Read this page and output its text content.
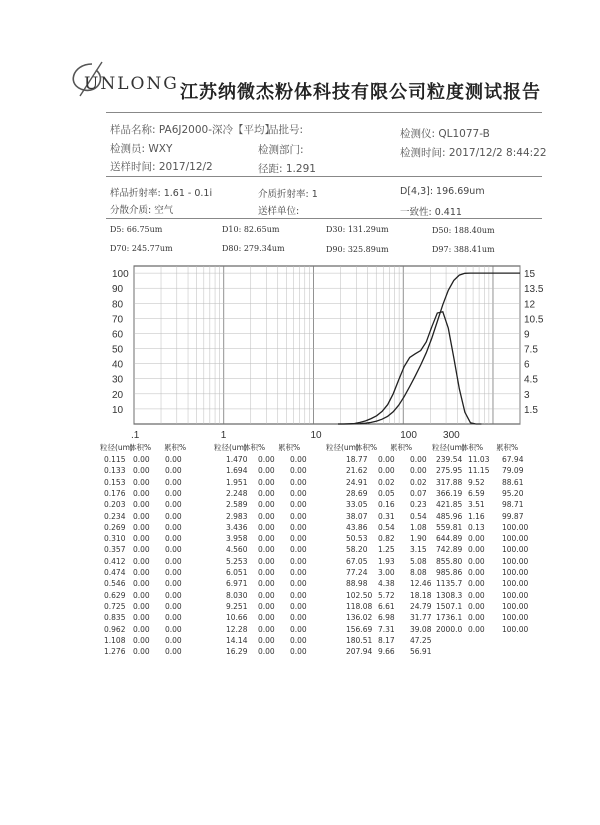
UNLONG 江苏纳微杰粉体科技有限公司粒度测试报告
样品名称: PA6J2000-深冷【平均】
品批号:	检测仪: QL1077-B
检测员: WXY	检测部门:	检测时间: 2017/12/2 8:44:22
送样时间: 2017/12/2	径距: 1.291
样品折射率: 1.61 - 0.1i	介质折射率: 1	D[4,3]: 196.69um
分散介质: 空气	送样单位:	一致性: 0.411
D5: 66.75um	D10: 82.65um	D30: 131.29um	D50: 188.40um
D70: 245.77um	D80: 279.34um	D90: 325.89um	D97: 388.41um
100
90
80
70
60
50
40
30
20
10
15
13.5
12
10.5
9
7.5
6
4.5
3
1.5
.1	1	10	100	300
粒径(um)
体积% 累积%
0.115 0.00 0.00
0.133 0.00 0.00
0.153 0.00 0.00
0.176 0.00 0.00
0.203 0.00 0.00
0.234 0.00 0.00
0.269 0.00 0.00
0.310 0.00 0.00
0.357 0.00 0.00
0.412 0.00 0.00
0.474 0.00 0.00
0.546 0.00 0.00
0.629 0.00 0.00
0.725 0.00 0.00
0.835 0.00 0.00
0.962 0.00 0.00
1.108 0.00 0.00
1.276 0.00 0.00
粒径(um)
体积% 累积%
1.470 0.00 0.00
1.694 0.00 0.00
1.951 0.00 0.00
2.248 0.00 0.00
2.589 0.00 0.00
2.983 0.00 0.00
3.436 0.00 0.00
3.958 0.00 0.00
4.560 0.00 0.00
5.253 0.00 0.00
6.051 0.00 0.00
6.971 0.00 0.00
8.030 0.00 0.00
9.251 0.00 0.00
10.66 0.00 0.00
12.28 0.00 0.00
14.14 0.00 0.00
16.29 0.00 0.00
粒径(um)
体积% 累积%
18.77 0.00 0.00
21.62 0.00 0.00
24.91 0.02 0.02
28.69 0.05 0.07
33.05 0.16 0.23
38.07 0.31 0.54
43.86 0.54 1.08
50.53 0.82 1.90
58.20 1.25 3.15
67.05 1.93 5.08
77.24 3.00 8.08
88.98 4.38 12.46
102.50 5.72 18.18
118.08 6.61 24.79
136.02 6.98 31.77
156.69 7.31 39.08
180.51 8.17 47.25
207.94 9.66 56.91
粒径(um)
体积% 累积%
239.54 11.03 67.94
275.95 11.15 79.09
317.88 9.52 88.61
366.19 6.59 95.20
421.85 3.51 98.71
485.96 1.16 99.87
559.81 0.13 100.00
644.89 0.00 100.00
742.89 0.00 100.00
855.80 0.00 100.00
985.86 0.00 100.00
1135.7 0.00 100.00
1308.3 0.00 100.00
1507.1 0.00 100.00
1736.1 0.00 100.00
2000.0 0.00 100.00
